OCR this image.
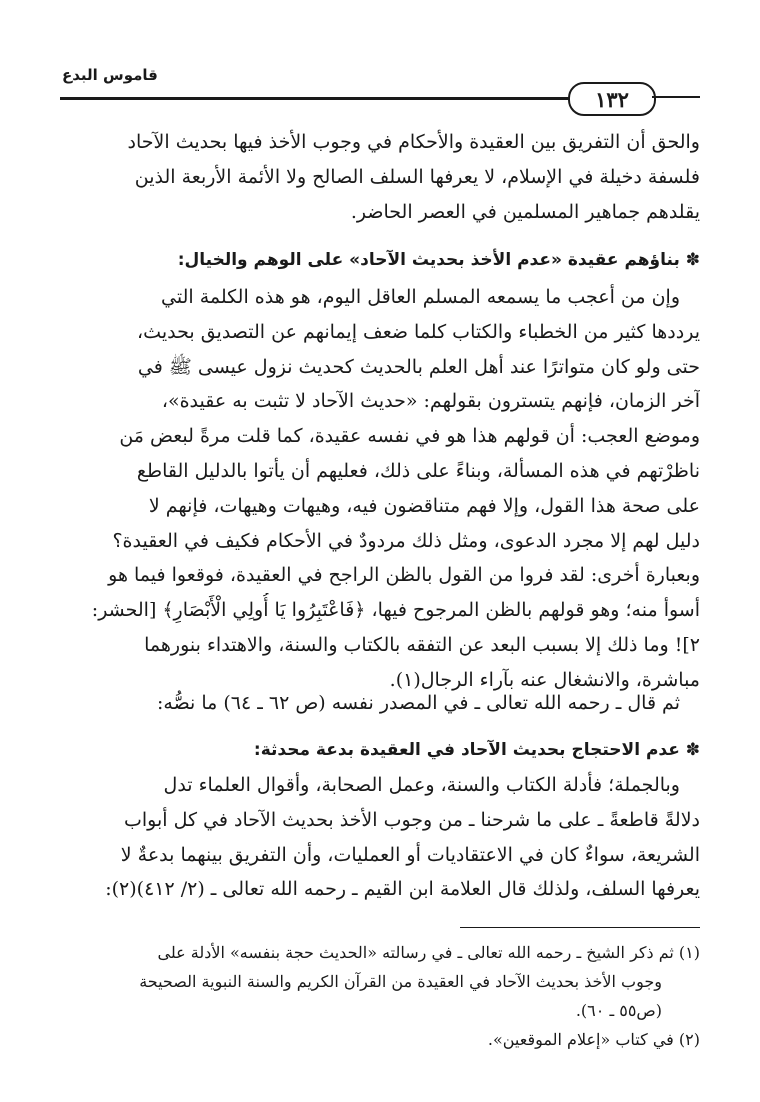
قاموس البدع
١٣٢
والحق أن التفريق بين العقيدة والأحكام في وجوب الأخذ فيها بحديث الآحاد
فلسفة دخيلة في الإسلام، لا يعرفها السلف الصالح ولا الأئمة الأربعة الذين
يقلدهم جماهير المسلمين في العصر الحاضر.
✽ بناؤهم عقيدة «عدم الأخذ بحديث الآحاد» على الوهم والخيال:
وإن من أعجب ما يسمعه المسلم العاقل اليوم، هو هذه الكلمة التي
يرددها كثير من الخطباء والكتاب كلما ضعف إيمانهم عن التصديق بحديث،
حتى ولو كان متواترًا عند أهل العلم بالحديث كحديث نزول عيسى ﷺ في
آخر الزمان، فإنهم يتسترون بقولهم: «حديث الآحاد لا تثبت به عقيدة»،
وموضع العجب: أن قولهم هذا هو في نفسه عقيدة، كما قلت مرةً لبعض مَن
ناظرْتهم في هذه المسألة، وبناءً على ذلك، فعليهم أن يأتوا بالدليل القاطع
على صحة هذا القول، وإلا فهم متناقضون فيه، وهيهات وهيهات، فإنهم لا
دليل لهم إلا مجرد الدعوى، ومثل ذلك مردودٌ في الأحكام فكيف في العقيدة؟
وبعبارة أخرى: لقد فروا من القول بالظن الراجح في العقيدة، فوقعوا فيما هو
أسوأ منه؛ وهو قولهم بالظن المرجوح فيها، ﴿فَاعْتَبِرُوا يَا أُولِي الْأَبْصَارِ﴾ [الحشر:
٢]! وما ذلك إلا بسبب البعد عن التفقه بالكتاب والسنة، والاهتداء بنورهما
مباشرة، والانشغال عنه بآراء الرجال(١).
ثم قال ـ رحمه الله تعالى ـ في المصدر نفسه (ص ٦٢ ـ ٦٤) ما نصُّه:
✽ عدم الاحتجاج بحديث الآحاد في العقيدة بدعة محدثة:
وبالجملة؛ فأدلة الكتاب والسنة، وعمل الصحابة، وأقوال العلماء تدل
دلالةً قاطعةً ـ على ما شرحنا ـ من وجوب الأخذ بحديث الآحاد في كل أبواب
الشريعة، سواءٌ كان في الاعتقاديات أو العمليات، وأن التفريق بينهما بدعةٌ لا
يعرفها السلف، ولذلك قال العلامة ابن القيم ـ رحمه الله تعالى ـ (٢/ ٤١٢)(٢):
(١) ثم ذكر الشيخ ـ رحمه الله تعالى ـ في رسالته «الحديث حجة بنفسه» الأدلة على
وجوب الأخذ بحديث الآحاد في العقيدة من القرآن الكريم والسنة النبوية الصحيحة
(ص٥٥ ـ ٦٠).
(٢) في كتاب «إعلام الموقعين».
